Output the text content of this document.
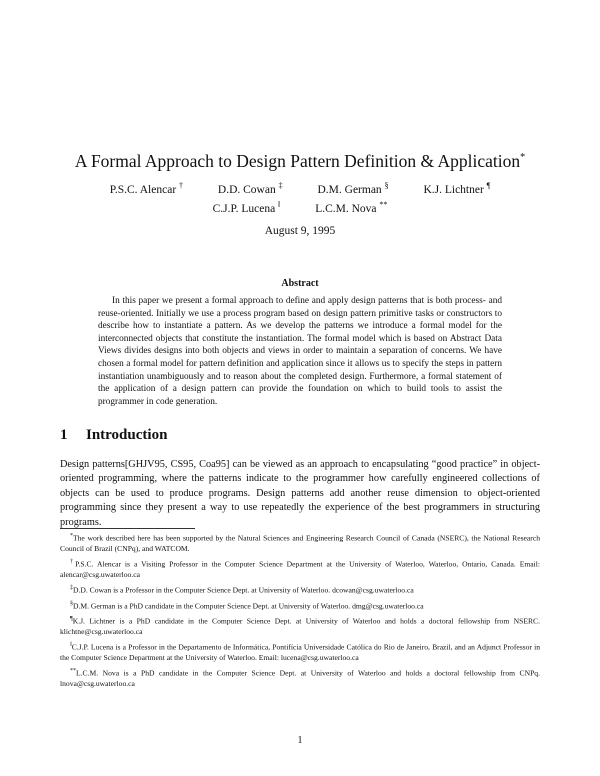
A Formal Approach to Design Pattern Definition & Application*
P.S.C. Alencar †	D.D. Cowan ‡	D.M. German §	K.J. Lichtner ¶
C.J.P. Lucena ‖	L.C.M. Nova **
August 9, 1995
Abstract

In this paper we present a formal approach to define and apply design patterns that is both process- and reuse-oriented. Initially we use a process program based on design pattern primitive tasks or constructors to describe how to instantiate a pattern. As we develop the patterns we introduce a formal model for the interconnected objects that constitute the instantiation. The formal model which is based on Abstract Data Views divides designs into both objects and views in order to maintain a separation of concerns. We have chosen a formal model for pattern definition and application since it allows us to specify the steps in pattern instantiation unambiguously and to reason about the completed design. Furthermore, a formal statement of the application of a design pattern can provide the foundation on which to build tools to assist the programmer in code generation.

1 Introduction

Design patterns[GHJV95, CS95, Coa95] can be viewed as an approach to encapsulating “good practice” in object-oriented programming, where the patterns indicate to the programmer how carefully engineered collections of objects can be used to produce programs. Design patterns add another reuse dimension to object-oriented programming since they present a way to use repeatedly the experience of the best programmers in structuring programs.

*The work described here has been supported by the Natural Sciences and Engineering Research Council of Canada (NSERC), the National Research Council of Brazil (CNPq), and WATCOM.

†P.S.C. Alencar is a Visiting Professor in the Computer Science Department at the University of Waterloo, Waterloo, Ontario, Canada. Email: alencar@csg.uwaterloo.ca

‡D.D. Cowan is a Professor in the Computer Science Dept. at University of Waterloo. dcowan@csg.uwaterloo.ca

§D.M. German is a PhD candidate in the Computer Science Dept. at University of Waterloo. dmg@csg.uwaterloo.ca

¶K.J. Lichtner is a PhD candidate in the Computer Science Dept. at University of Waterloo and holds a doctoral fellowship from NSERC. klichtne@csg.uwaterloo.ca

‖C.J.P. Lucena is a Professor in the Departamento de Informática, Pontifícia Universidade Católica do Rio de Janeiro, Brazil, and an Adjunct Professor in the Computer Science Department at the University of Waterloo. Email: lucena@csg.uwaterloo.ca

**L.C.M. Nova is a PhD candidate in the Computer Science Dept. at University of Waterloo and holds a doctoral fellowship from CNPq. lnova@csg.uwaterloo.ca

1
